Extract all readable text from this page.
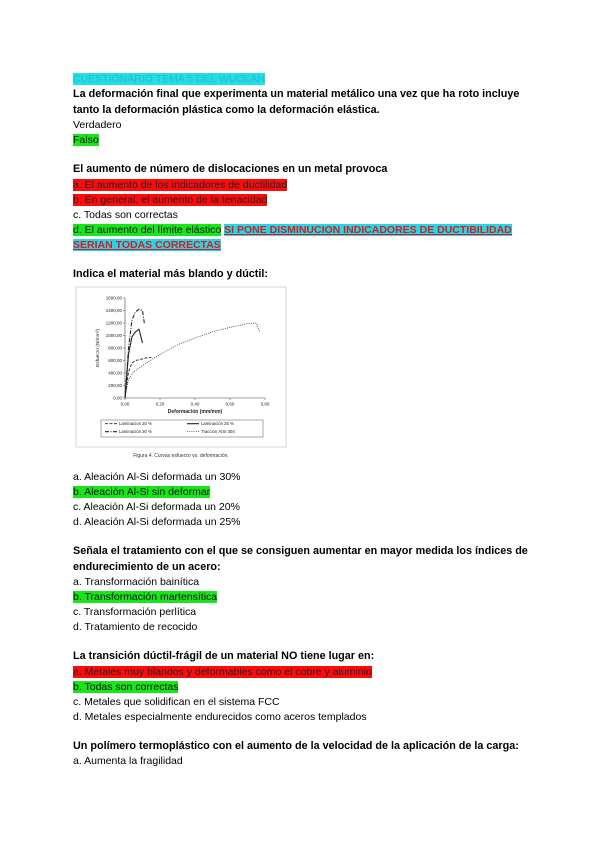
CUESTIONARIO TEMA 5 DEL WUOLAH
La deformación final que experimenta un material metálico una vez que ha roto incluye tanto la deformación plástica como la deformación elástica.
Verdadero
Falso
El aumento de número de dislocaciones en un metal provoca
a. El aumento de los indicadores de ductilidad
b. En general, el aumento de la tenacidad
c. Todas son correctas
d. El aumento del límite elástico SI PONE DISMINUCION INDICADORES DE DUCTIBILIDAD SERIAN TODAS CORRECTAS
Indica el material más blando y dúctil:
0,00
200,00
400,00
600,00
800,00
1000,00
1200,00
1400,00
1600,00
0,00	0,20	0,40	0,60	0,80
Deformación (mm/mm)
Esfuerzo (N/mm²)
Laminacion 20 %	Laminación 25 %
Laminación 30 %	Traccion AISI 304
Figura 4. Curvas esfuerzo vs. deformación.
a. Aleación Al-Si deformada un 30%
b. Aleación Al-Si sin deformar
c. Aleación Al-Si deformada un 20%
d. Aleación Al-Si deformada un 25%
Señala el tratamiento con el que se consiguen aumentar en mayor medida los índices de endurecimiento de un acero:
a. Transformación bainítica
b. Transformación martensítica
c. Transformación perlítica
d. Tratamiento de recocido
La transición dúctil-frágil de un material NO tiene lugar en:
a. Metales muy blandos y deformables como el cobre y aluminio
b. Todas son correctas
c. Metales que solidifican en el sistema FCC
d. Metales especialmente endurecidos como aceros templados
Un polímero termoplástico con el aumento de la velocidad de la aplicación de la carga:
a. Aumenta la fragilidad
